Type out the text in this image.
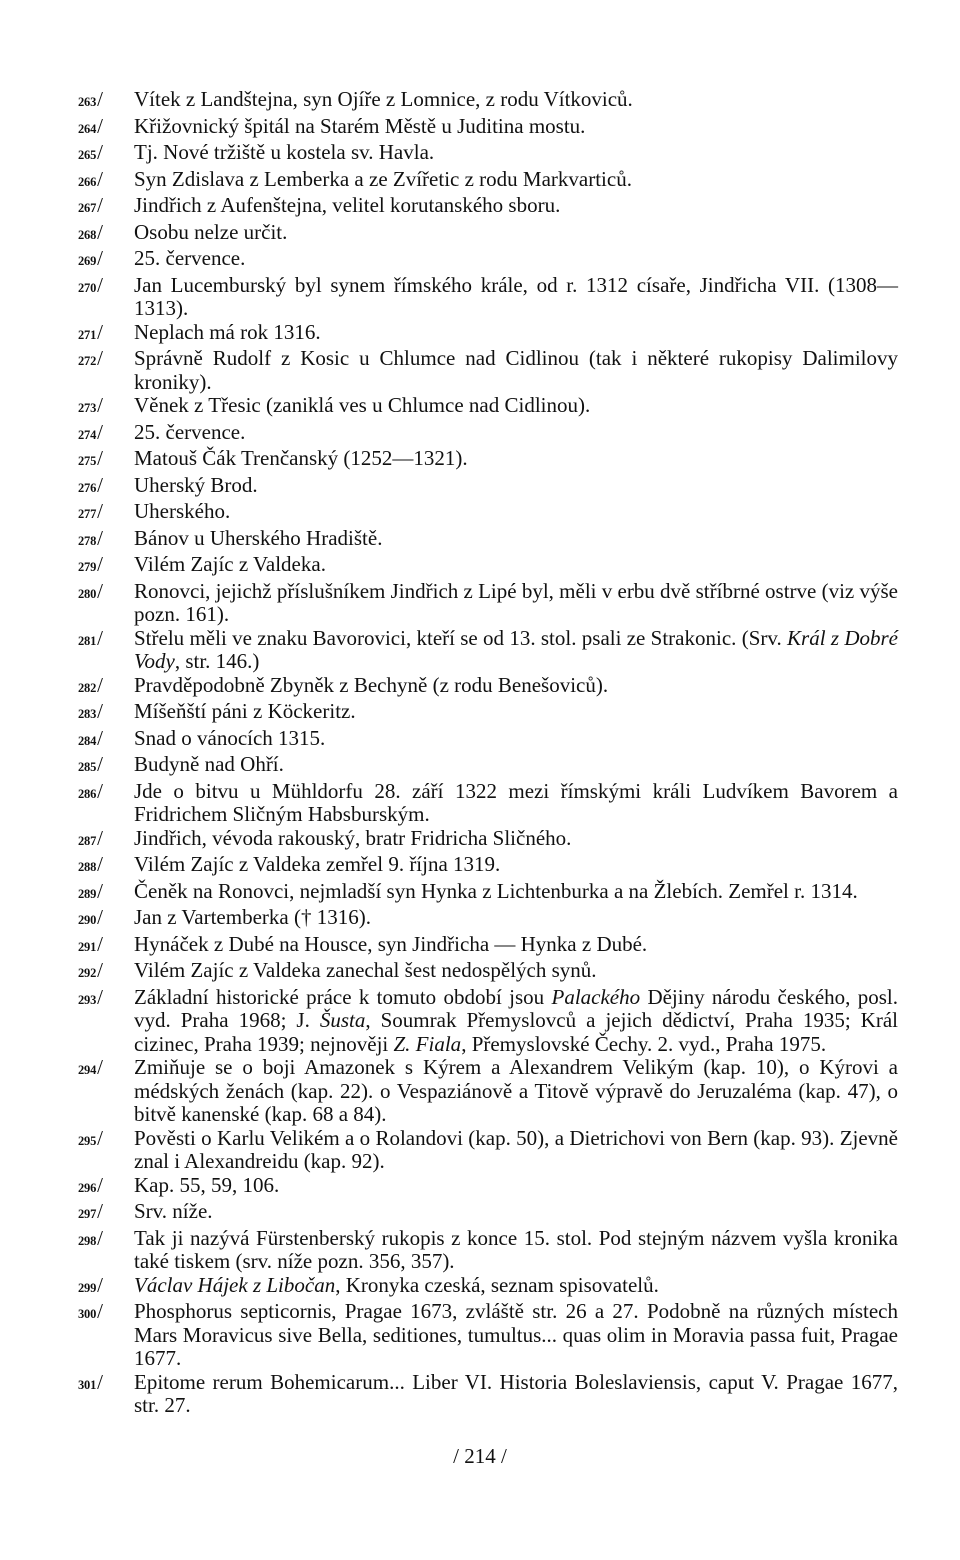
263/	Vítek z Landštejna, syn Ojíře z Lomnice, z rodu Vítkoviců.
264/	Křižovnický špitál na Starém Městě u Juditina mostu.
265/	Tj. Nové tržiště u kostela sv. Havla.
266/	Syn Zdislava z Lemberka a ze Zvířetic z rodu Markvarticů.
267/	Jindřich z Aufenštejna, velitel korutanského sboru.
268/	Osobu nelze určit.
269/	25. července.
270/	Jan Lucemburský byl synem římského krále, od r. 1312 císaře, Jindřicha VII. (1308—1313).
271/	Neplach má rok 1316.
272/	Správně Rudolf z Kosic u Chlumce nad Cidlinou (tak i některé rukopisy Dalimilovy kroniky).
273/	Věnek z Třesic (zaniklá ves u Chlumce nad Cidlinou).
274/	25. července.
275/	Matouš Čák Trenčanský (1252—1321).
276/	Uherský Brod.
277/	Uherského.
278/	Bánov u Uherského Hradiště.
279/	Vilém Zajíc z Valdeka.
280/	Ronovci, jejichž příslušníkem Jindřich z Lipé byl, měli v erbu dvě stříbrné ostrve (viz výše pozn. 161).
281/	Střelu měli ve znaku Bavorovici, kteří se od 13. stol. psali ze Strakonic. (Srv. Král z Dobré Vody, str. 146.)
282/	Pravděpodobně Zbyněk z Bechyně (z rodu Benešoviců).
283/	Míšeňští páni z Köckeritz.
284/	Snad o vánocích 1315.
285/	Budyně nad Ohří.
286/	Jde o bitvu u Mühldorfu 28. září 1322 mezi římskými králi Ludvíkem Bavorem a Fridrichem Sličným Habsburským.
287/	Jindřich, vévoda rakouský, bratr Fridricha Sličného.
288/	Vilém Zajíc z Valdeka zemřel 9. října 1319.
289/	Čeněk na Ronovci, nejmladší syn Hynka z Lichtenburka a na Žlebích. Zemřel r. 1314.
290/	Jan z Vartemberka († 1316).
291/	Hynáček z Dubé na Housce, syn Jindřicha — Hynka z Dubé.
292/	Vilém Zajíc z Valdeka zanechal šest nedospělých synů.
293/	Základní historické práce k tomuto období jsou Palackého Dějiny národu českého, posl. vyd. Praha 1968; J. Šusta, Soumrak Přemyslovců a jejich dědictví, Praha 1935; Král cizinec, Praha 1939; nejnověji Z. Fiala, Přemyslovské Čechy. 2. vyd., Praha 1975.
294/	Zmiňuje se o boji Amazonek s Kýrem a Alexandrem Velikým (kap. 10), o Kýrovi a médských ženách (kap. 22). o Vespaziánově a Titově výpravě do Jeruzaléma (kap. 47), o bitvě kanenské (kap. 68 a 84).
295/	Pověsti o Karlu Velikém a o Rolandovi (kap. 50), a Dietrichovi von Bern (kap. 93). Zjevně znal i Alexandreidu (kap. 92).
296/	Kap. 55, 59, 106.
297/	Srv. níže.
298/	Tak ji nazývá Fürstenberský rukopis z konce 15. stol. Pod stejným názvem vyšla kronika také tiskem (srv. níže pozn. 356, 357).
299/	Václav Hájek z Libočan, Kronyka czeská, seznam spisovatelů.
300/	Phosphorus septicornis, Pragae 1673, zvláště str. 26 a 27. Podobně na různých místech Mars Moravicus sive Bella, seditiones, tumultus... quas olim in Moravia passa fuit, Pragae 1677.
301/	Epitome rerum Bohemicarum... Liber VI. Historia Boleslaviensis, caput V. Pragae 1677, str. 27.
/ 214 /
